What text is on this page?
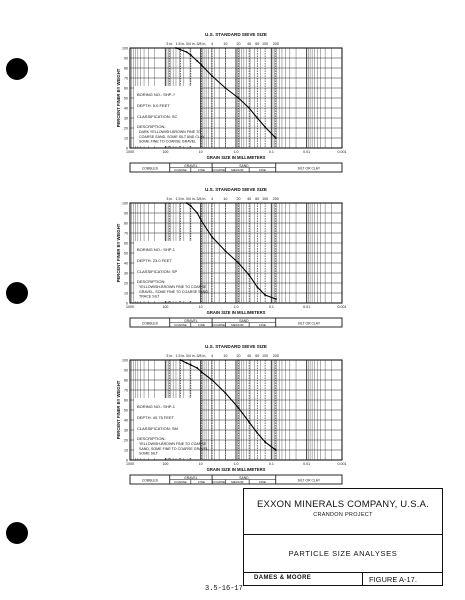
U.S. STANDARD SIEVE SIZE
3 in. 1.5 in. 3/4 in. 3/8 in. 4	10	20 40 60 100 200
100
90
80
70
60
50
40
30
20
10
0
1000	100	10	1.0	0.1	0.01	0.001
GRAIN SIZE IN MILLIMETERS
PERCENT FINER BY WEIGHT	BORING NO.: SHP-?
DEPTH: 5.0 FEET
CLASSIFICATION: SC
DESCRIPTION:
DARK YELLOWISH-BROWN FINE TO
COARSE SAND, SOME SILT AND CLAY,
SOME FINE TO COARSE GRAVEL
COBBLES
GRAVEL	SAND
SILT OR CLAY
COARSE	FINE	COARSE MEDIUM	FINE
U.S. STANDARD SIEVE SIZE
3 in. 1.5 in. 3/4 in. 3/8 in. 4	10	20 40 60 100 200
100
90
80
70
60
50
40
30
20
10
0
1000	100	10	1.0	0.1	0.01	0.001
GRAIN SIZE IN MILLIMETERS
PERCENT FINER BY WEIGHT	BORING NO.: SHP-1
DEPTH: 23.0 FEET
CLASSIFICATION: SP
DESCRIPTION:
YELLOWISH-BROWN FINE TO COARSE
GRAVEL, SOME FINE TO COARSE SAND,
TRACE SILT
COBBLES
GRAVEL	SAND
SILT OR CLAY
COARSE	FINE	COARSE MEDIUM	FINE
U.S. STANDARD SIEVE SIZE
3 in. 1.5 in. 3/4 in. 3/8 in. 4	10	20 40 60 100 200
100
90
80
70
60
50
40
30
20
10
0
1000	100	10	1.0	0.1	0.01	0.001
GRAIN SIZE IN MILLIMETERS
PERCENT FINER BY WEIGHT	BORING NO.: SHP-1
DEPTH: 40.75 FEET
CLASSIFICATION: SM
DESCRIPTION:
YELLOWISH-BROWN FINE TO COARSE
SAND, SOME FINE TO COARSE GRAVEL,
SOME SILT
COBBLES
GRAVEL	SAND
SILT OR CLAY
COARSE	FINE	COARSE MEDIUM	FINE
EXXON MINERALS COMPANY, U.S.A.
CRANDON PROJECT
PARTICLE SIZE ANALYSES
DAMES & MOORE	FIGURE A-17.
3.5-16-17
